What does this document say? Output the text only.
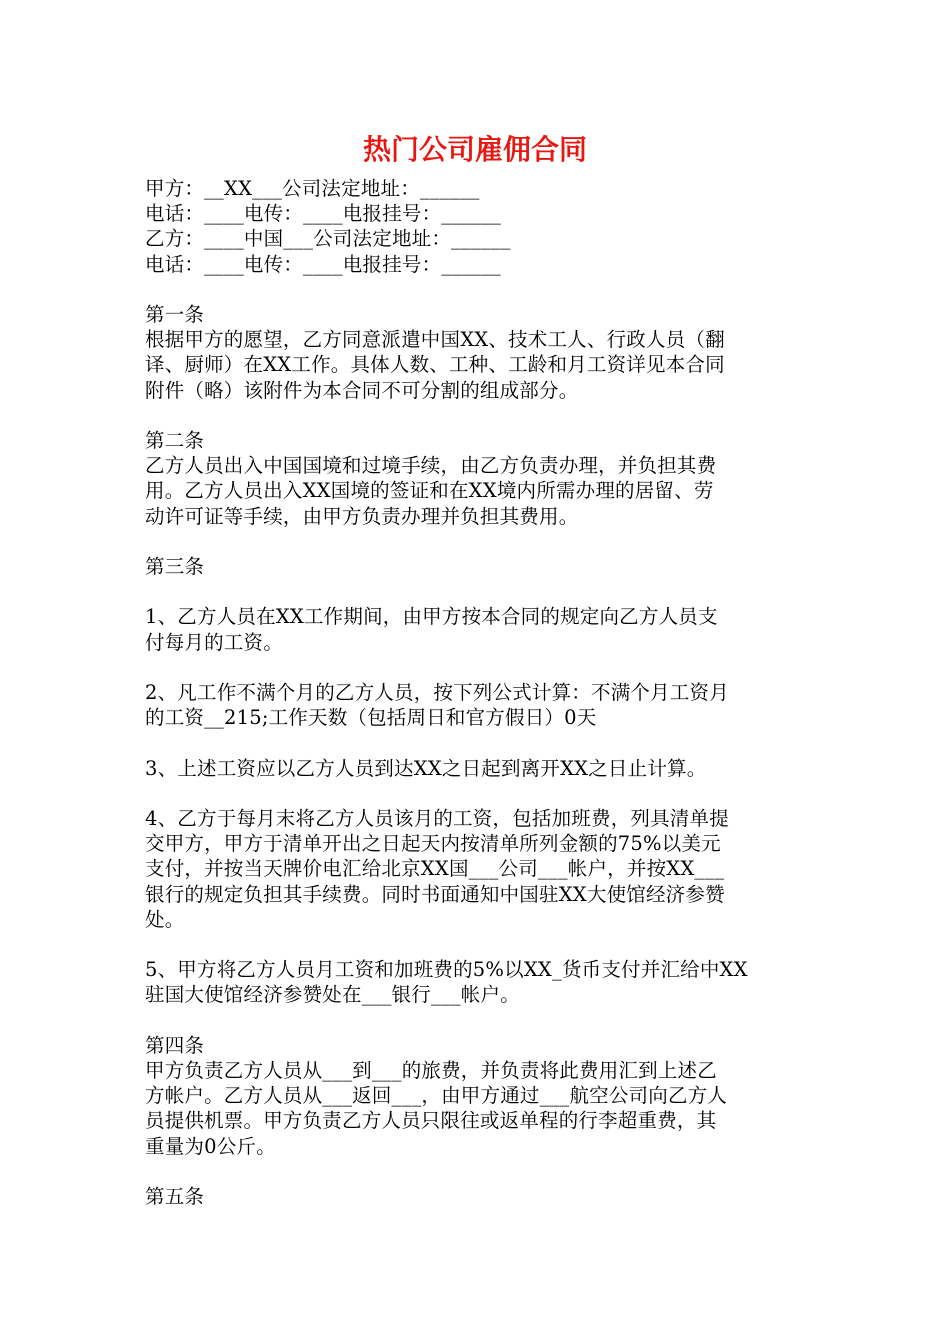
热门公司雇佣合同
甲方：__XX___公司法定地址：______
电话：____电传：____电报挂号：______
乙方：____中国___公司法定地址：______
电话：____电传：____电报挂号：______
第一条
根据甲方的愿望，乙方同意派遣中国XX、技术工人、行政人员（翻
译、厨师）在XX工作。具体人数、工种、工龄和月工资详见本合同
附件（略）该附件为本合同不可分割的组成部分。
第二条
乙方人员出入中国国境和过境手续，由乙方负责办理，并负担其费
用。乙方人员出入XX国境的签证和在XX境内所需办理的居留、劳
动许可证等手续，由甲方负责办理并负担其费用。
第三条
1、乙方人员在XX工作期间，由甲方按本合同的规定向乙方人员支
付每月的工资。
2、凡工作不满个月的乙方人员，按下列公式计算：不满个月工资月
的工资__215;工作天数（包括周日和官方假日）0天
3、上述工资应以乙方人员到达XX之日起到离开XX之日止计算。
4、乙方于每月末将乙方人员该月的工资，包括加班费，列具清单提
交甲方，甲方于清单开出之日起天内按清单所列金额的75%以美元
支付，并按当天牌价电汇给北京XX国___公司___帐户，并按XX___
银行的规定负担其手续费。同时书面通知中国驻XX大使馆经济参赞
处。
5、甲方将乙方人员月工资和加班费的5%以XX_货币支付并汇给中XX
驻国大使馆经济参赞处在___银行___帐户。
第四条
甲方负责乙方人员从___到___的旅费，并负责将此费用汇到上述乙
方帐户。乙方人员从___返回___，由甲方通过___航空公司向乙方人
员提供机票。甲方负责乙方人员只限往或返单程的行李超重费，其
重量为0公斤。
第五条
